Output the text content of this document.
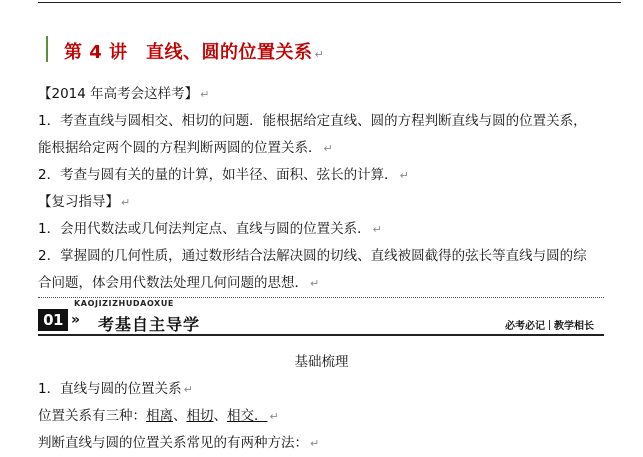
第 4 讲　直线、圆的位置关系 ↵
【2014 年高考会这样考】 ↵
1．考查直线与圆相交、相切的问题．能根据给定直线、圆的方程判断直线与圆的位置关系，
能根据给定两个圆的方程判断两圆的位置关系． ↵
2．考查与圆有关的量的计算，如半径、面积、弦长的计算． ↵
【复习指导】 ↵
1．会用代数法或几何法判定点、直线与圆的位置关系． ↵
2．掌握圆的几何性质，通过数形结合法解决圆的切线、直线被圆截得的弦长等直线与圆的综
合问题，体会用代数法处理几何问题的思想． ↵
KAOJIZIZHUDAOXUE
01 » 考基自主导学	必考必记 教学相长
基础梳理
1．直线与圆的位置关系 ↵
位置关系有三种：相离、相切、相交． ↵
判断直线与圆的位置关系常见的有两种方法： ↵
